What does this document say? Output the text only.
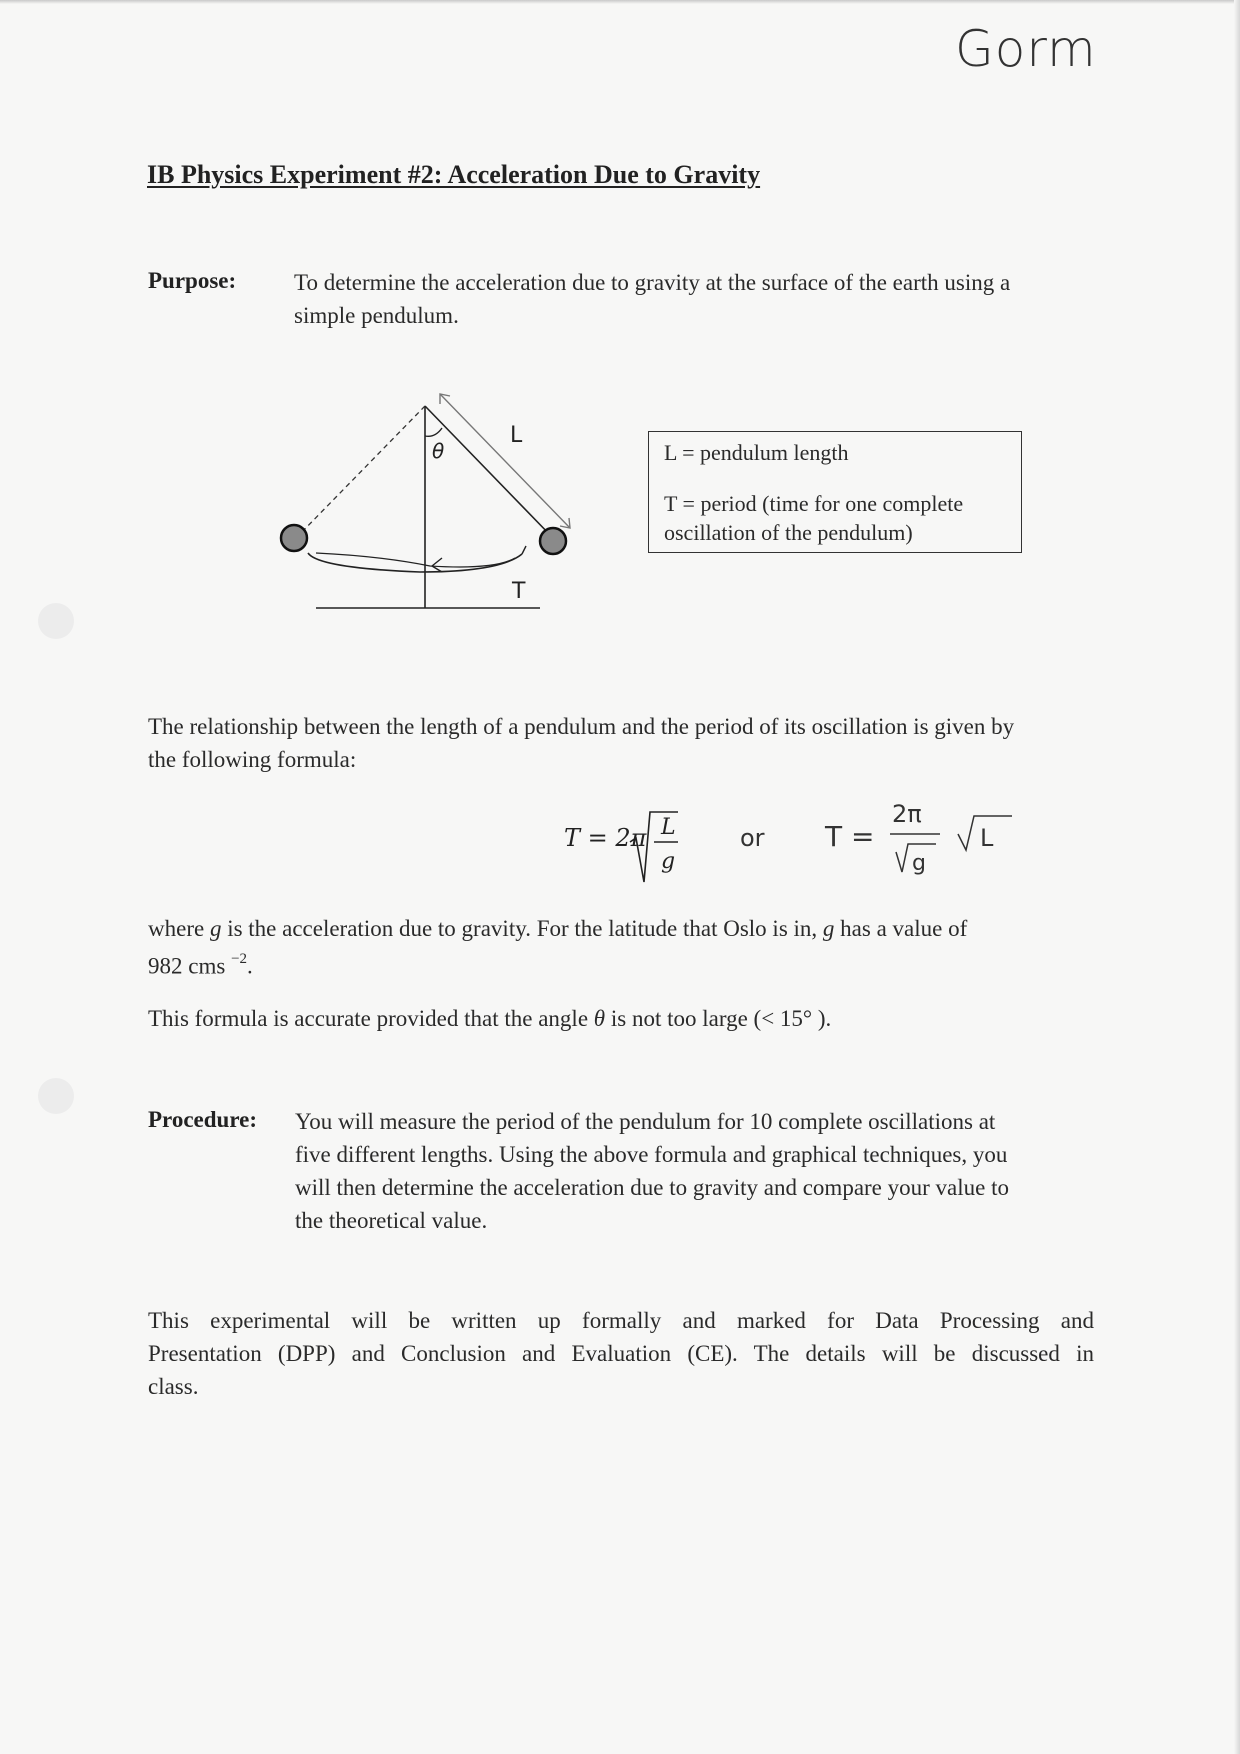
Gorm
IB Physics Experiment #2: Acceleration Due to Gravity
Purpose:	To determine the acceleration due to gravity at the surface of the earth using a
simple pendulum.
θ
L
T

L = pendulum length

T = period (time for one complete
oscillation of the pendulum)

The relationship between the length of a pendulum and the period of its oscillation is given by
the following formula:
T = 2π L
g
or T =
2π
g
L
where g is the acceleration due to gravity. For the latitude that Oslo is in, g has a value of
982 cms $^{-2}$.
This formula is accurate provided that the angle θ is not too large (< 15° ).
Procedure: You will measure the period of the pendulum for 10 complete oscillations at
five different lengths. Using the above formula and graphical techniques, you
will then determine the acceleration due to gravity and compare your value to
the theoretical value.
This experimental will be written up formally and marked for Data Processing and
Presentation (DPP) and Conclusion and Evaluation (CE). The details will be discussed in
class.
